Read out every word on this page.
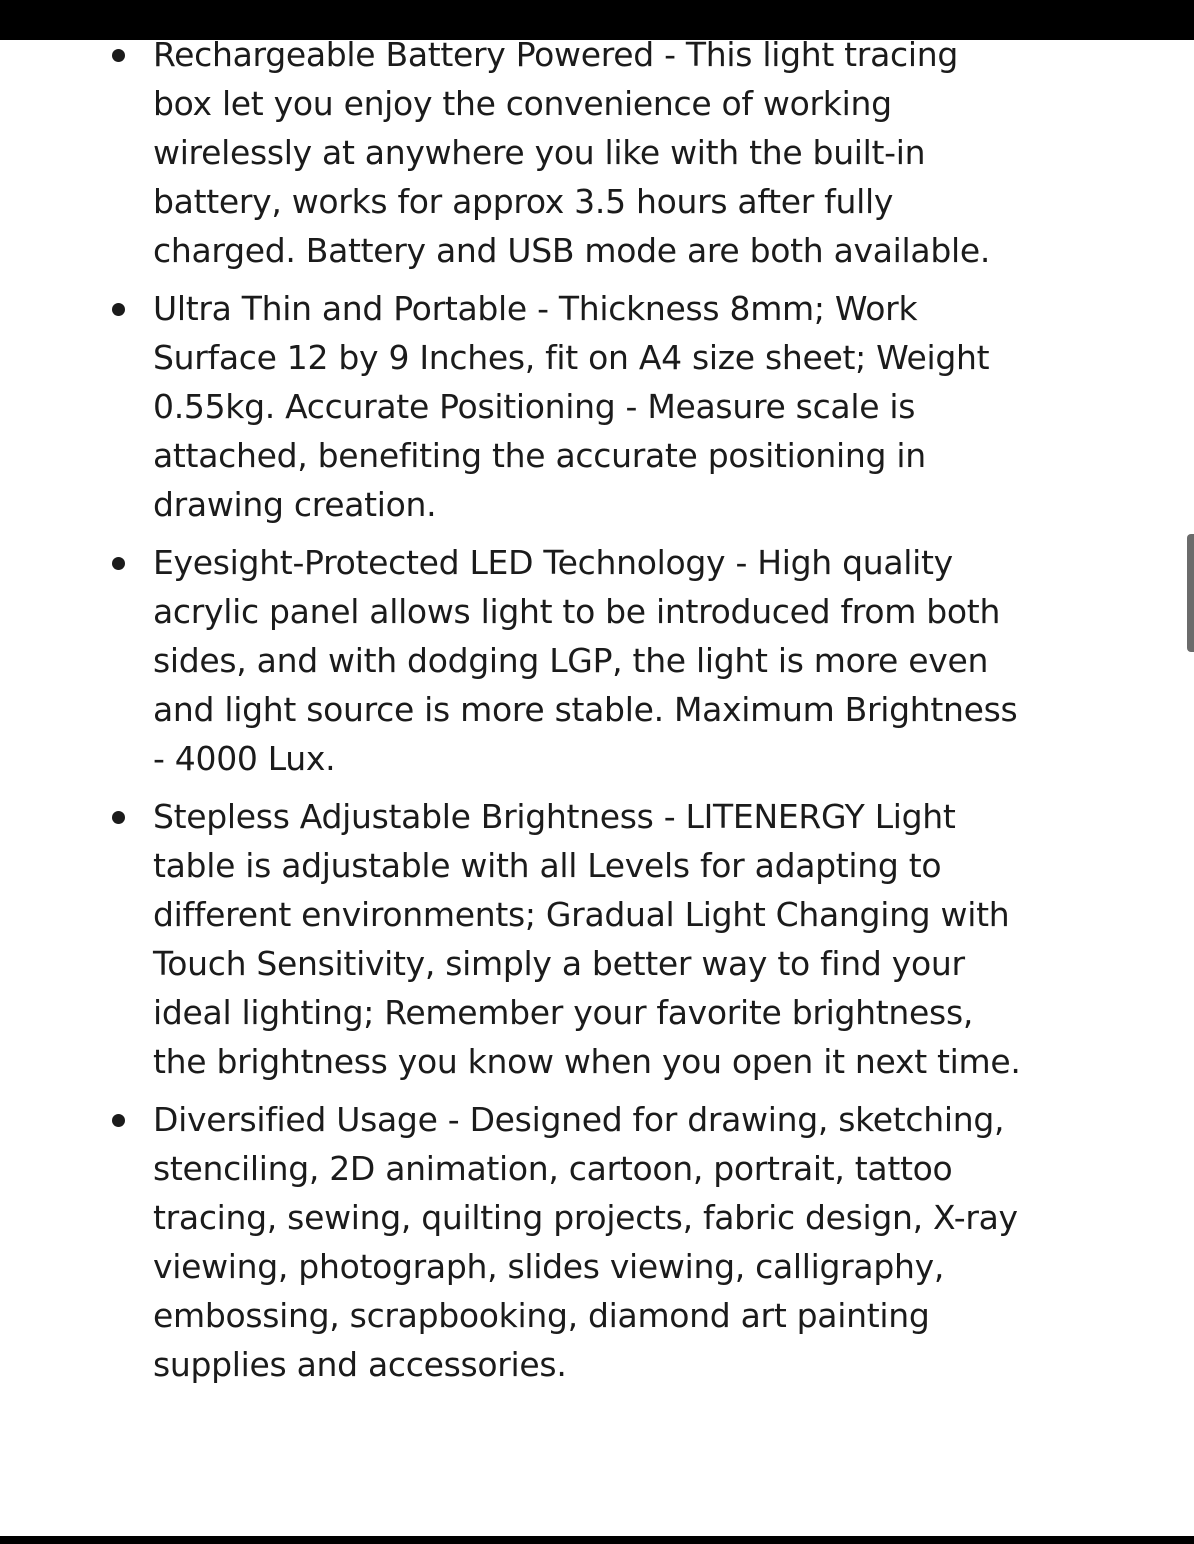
Rechargeable Battery Powered - This light tracing box let you enjoy the convenience of working wirelessly at anywhere you like with the built-in battery, works for approx 3.5 hours after fully charged. Battery and USB mode are both available.
Ultra Thin and Portable - Thickness 8mm; Work Surface 12 by 9 Inches, fit on A4 size sheet; Weight 0.55kg. Accurate Positioning - Measure scale is attached, benefiting the accurate positioning in drawing creation.
Eyesight-Protected LED Technology - High quality acrylic panel allows light to be introduced from both sides, and with dodging LGP, the light is more even and light source is more stable. Maximum Brightness - 4000 Lux.
Stepless Adjustable Brightness - LITENERGY Light table is adjustable with all Levels for adapting to different environments; Gradual Light Changing with Touch Sensitivity, simply a better way to find your ideal lighting; Remember your favorite brightness, the brightness you know when you open it next time.
Diversified Usage - Designed for drawing, sketching, stenciling, 2D animation, cartoon, portrait, tattoo tracing, sewing, quilting projects, fabric design, X-ray viewing, photograph, slides viewing, calligraphy, embossing, scrapbooking, diamond art painting supplies and accessories.
